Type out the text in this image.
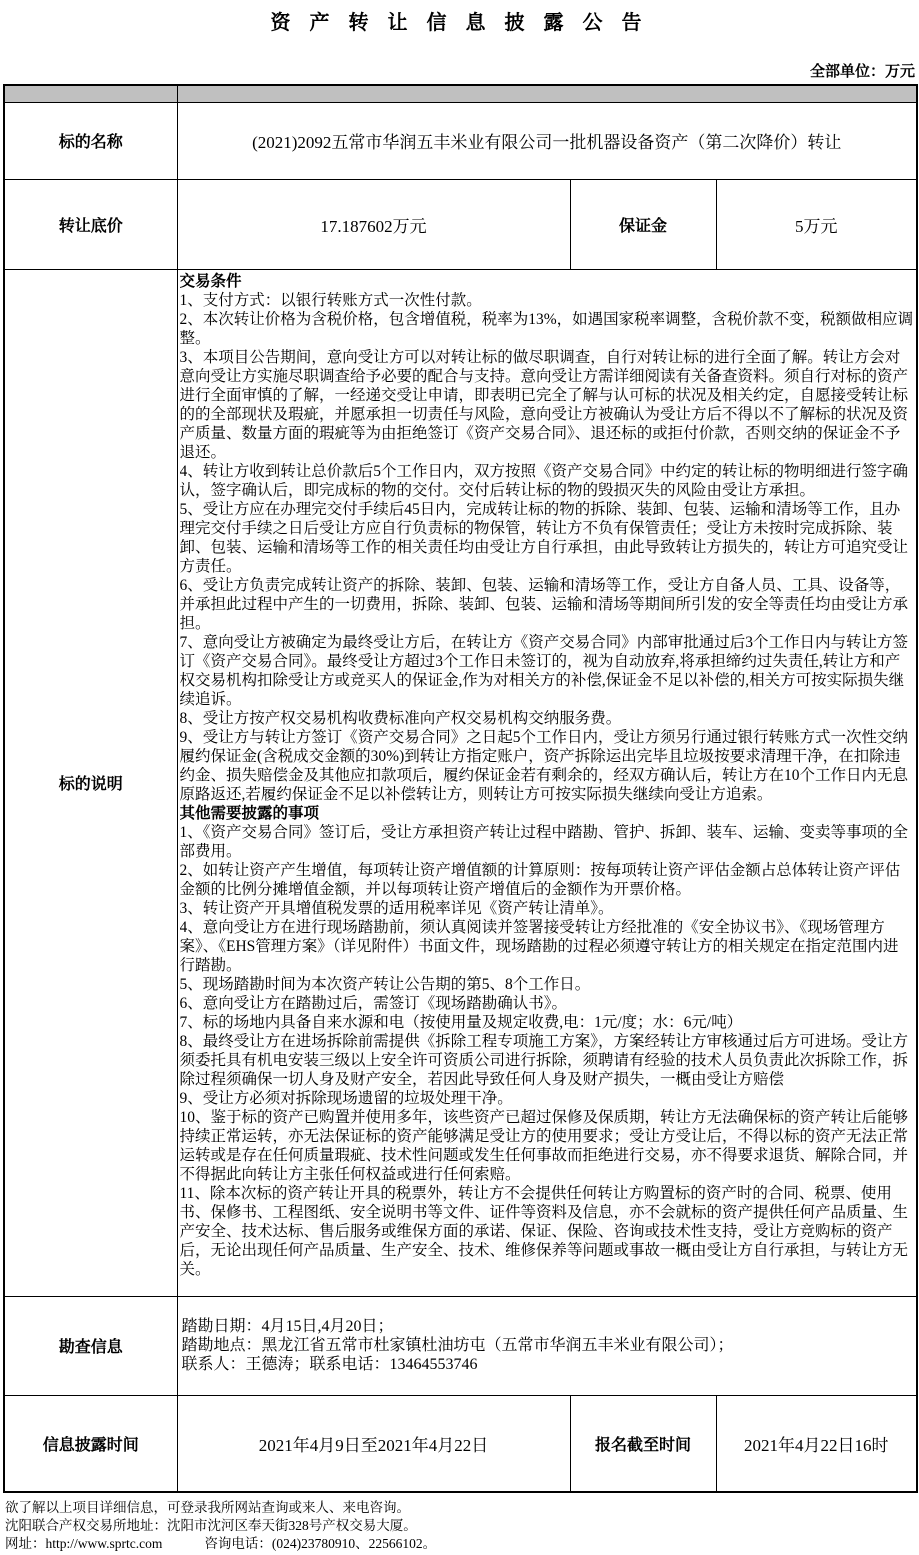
资 产 转 让 信 息 披 露 公 告
全部单位：万元

标的名称	(2021)2092五常市华润五丰米业有限公司一批机器设备资产（第二次降价）转让		
转让底价	17.187602万元	保证金	5万元
标的说明	

交易条件

1、支付方式：以银行转账方式一次性付款。

2、本次转让价格为含税价格，包含增值税，税率为13%，如遇国家税率调整，含税价款不变，税额做相应调整。

3、本项目公告期间，意向受让方可以对转让标的做尽职调查，自行对转让标的进行全面了解。转让方会对意向受让方实施尽职调查给予必要的配合与支持。意向受让方需详细阅读有关备查资料。须自行对标的资产进行全面审慎的了解，一经递交受让申请，即表明已完全了解与认可标的状况及相关约定，自愿接受转让标的的全部现状及瑕疵，并愿承担一切责任与风险，意向受让方被确认为受让方后不得以不了解标的状况及资产质量、数量方面的瑕疵等为由拒绝签订《资产交易合同》、退还标的或拒付价款，否则交纳的保证金不予退还。

4、转让方收到转让总价款后5个工作日内，双方按照《资产交易合同》中约定的转让标的物明细进行签字确认，签字确认后，即完成标的物的交付。交付后转让标的物的毁损灭失的风险由受让方承担。

5、受让方应在办理完交付手续后45日内，完成转让标的物的拆除、装卸、包装、运输和清场等工作，且办理完交付手续之日后受让方应自行负责标的物保管，转让方不负有保管责任；受让方未按时完成拆除、装卸、包装、运输和清场等工作的相关责任均由受让方自行承担，由此导致转让方损失的，转让方可追究受让方责任。

6、受让方负责完成转让资产的拆除、装卸、包装、运输和清场等工作，受让方自备人员、工具、设备等，并承担此过程中产生的一切费用，拆除、装卸、包装、运输和清场等期间所引发的安全等责任均由受让方承担。

7、意向受让方被确定为最终受让方后，在转让方《资产交易合同》内部审批通过后3个工作日内与转让方签订《资产交易合同》。最终受让方超过3个工作日未签订的，视为自动放弃,将承担缔约过失责任,转让方和产权交易机构扣除受让方或竞买人的保证金,作为对相关方的补偿,保证金不足以补偿的,相关方可按实际损失继续追诉。

8、受让方按产权交易机构收费标准向产权交易机构交纳服务费。

9、受让方与转让方签订《资产交易合同》之日起5个工作日内，受让方须另行通过银行转账方式一次性交纳履约保证金(含税成交金额的30%)到转让方指定账户，资产拆除运出完毕且垃圾按要求清理干净，在扣除违约金、损失赔偿金及其他应扣款项后，履约保证金若有剩余的，经双方确认后，转让方在10个工作日内无息原路返还,若履约保证金不足以补偿转让方，则转让方可按实际损失继续向受让方追索。

其他需要披露的事项

1、《资产交易合同》签订后，受让方承担资产转让过程中踏勘、管护、拆卸、装车、运输、变卖等事项的全部费用。

2、如转让资产产生增值，每项转让资产增值额的计算原则：按每项转让资产评估金额占总体转让资产评估金额的比例分摊增值金额，并以每项转让资产增值后的金额作为开票价格。

3、转让资产开具增值税发票的适用税率详见《资产转让清单》。

4、意向受让方在进行现场踏勘前，须认真阅读并签署接受转让方经批准的《安全协议书》、《现场管理方案》、《EHS管理方案》（详见附件）书面文件，现场踏勘的过程必须遵守转让方的相关规定在指定范围内进行踏勘。

5、现场踏勘时间为本次资产转让公告期的第5、8个工作日。

6、意向受让方在踏勘过后，需签订《现场踏勘确认书》。

7、标的场地内具备自来水源和电（按使用量及规定收费,电：1元/度；水：6元/吨）

8、最终受让方在进场拆除前需提供《拆除工程专项施工方案》，方案经转让方审核通过后方可进场。受让方须委托具有机电安装三级以上安全许可资质公司进行拆除，须聘请有经验的技术人员负责此次拆除工作，拆除过程须确保一切人身及财产安全，若因此导致任何人身及财产损失，一概由受让方赔偿

9、受让方必须对拆除现场遗留的垃圾处理干净。

10、鉴于标的资产已购置并使用多年，该些资产已超过保修及保质期，转让方无法确保标的资产转让后能够持续正常运转，亦无法保证标的资产能够满足受让方的使用要求；受让方受让后，不得以标的资产无法正常运转或是存在任何质量瑕疵、技术性问题或发生任何事故而拒绝进行交易，亦不得要求退货、解除合同，并不得据此向转让方主张任何权益或进行任何索赔。

11、除本次标的资产转让开具的税票外，转让方不会提供任何转让方购置标的资产时的合同、税票、使用书、保修书、工程图纸、安全说明书等文件、证件等资料及信息，亦不会就标的资产提供任何产品质量、生产安全、技术达标、售后服务或维保方面的承诺、保证、保险、咨询或技术性支持，受让方竞购标的资产后，无论出现任何产品质量、生产安全、技术、维修保养等问题或事故一概由受让方自行承担，与转让方无关。

勘查信息	踏勘日期：4月15日,4月20日；

踏勘地点：黑龙江省五常市杜家镇杜油坊屯（五常市华润五丰米业有限公司）；

联系人：王德涛；联系电话：13464553746		

信息披露时间	2021年4月9日至2021年4月22日	报名截至时间	2021年4月22日16时

欲了解以上项目详细信息，可登录我所网站查询或来人、来电咨询。

沈阳联合产权交易所地址：沈阳市沈河区奉天街328号产权交易大厦。

网址：http://www.sprtc.com	咨询电话：(024)23780910、22566102。
